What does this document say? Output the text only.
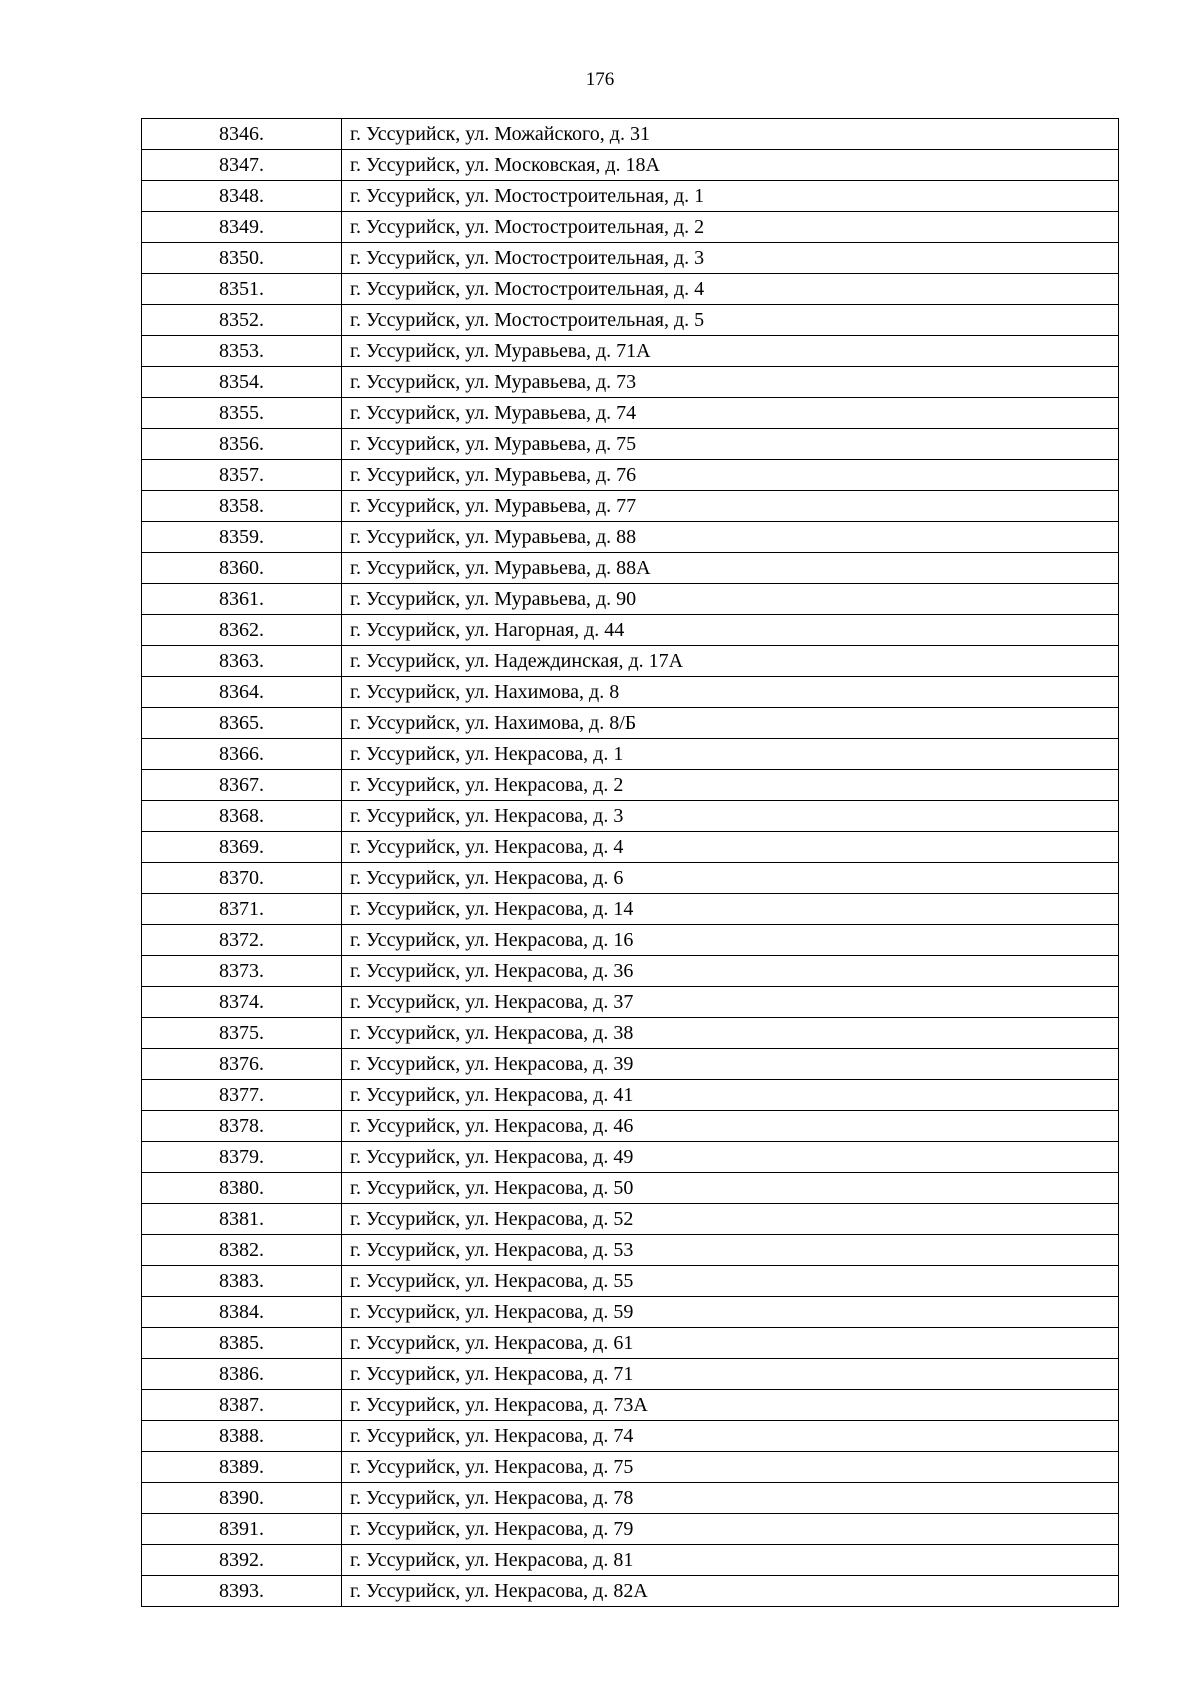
176
8346.	г. Уссурийск, ул. Можайского, д. 31
8347.	г. Уссурийск, ул. Московская, д. 18А
8348.	г. Уссурийск, ул. Мостостроительная, д. 1
8349.	г. Уссурийск, ул. Мостостроительная, д. 2
8350.	г. Уссурийск, ул. Мостостроительная, д. 3
8351.	г. Уссурийск, ул. Мостостроительная, д. 4
8352.	г. Уссурийск, ул. Мостостроительная, д. 5
8353.	г. Уссурийск, ул. Муравьева, д. 71А
8354.	г. Уссурийск, ул. Муравьева, д. 73
8355.	г. Уссурийск, ул. Муравьева, д. 74
8356.	г. Уссурийск, ул. Муравьева, д. 75
8357.	г. Уссурийск, ул. Муравьева, д. 76
8358.	г. Уссурийск, ул. Муравьева, д. 77
8359.	г. Уссурийск, ул. Муравьева, д. 88
8360.	г. Уссурийск, ул. Муравьева, д. 88А
8361.	г. Уссурийск, ул. Муравьева, д. 90
8362.	г. Уссурийск, ул. Нагорная, д. 44
8363.	г. Уссурийск, ул. Надеждинская, д. 17А
8364.	г. Уссурийск, ул. Нахимова, д. 8
8365.	г. Уссурийск, ул. Нахимова, д. 8/Б
8366.	г. Уссурийск, ул. Некрасова, д. 1
8367.	г. Уссурийск, ул. Некрасова, д. 2
8368.	г. Уссурийск, ул. Некрасова, д. 3
8369.	г. Уссурийск, ул. Некрасова, д. 4
8370.	г. Уссурийск, ул. Некрасова, д. 6
8371.	г. Уссурийск, ул. Некрасова, д. 14
8372.	г. Уссурийск, ул. Некрасова, д. 16
8373.	г. Уссурийск, ул. Некрасова, д. 36
8374.	г. Уссурийск, ул. Некрасова, д. 37
8375.	г. Уссурийск, ул. Некрасова, д. 38
8376.	г. Уссурийск, ул. Некрасова, д. 39
8377.	г. Уссурийск, ул. Некрасова, д. 41
8378.	г. Уссурийск, ул. Некрасова, д. 46
8379.	г. Уссурийск, ул. Некрасова, д. 49
8380.	г. Уссурийск, ул. Некрасова, д. 50
8381.	г. Уссурийск, ул. Некрасова, д. 52
8382.	г. Уссурийск, ул. Некрасова, д. 53
8383.	г. Уссурийск, ул. Некрасова, д. 55
8384.	г. Уссурийск, ул. Некрасова, д. 59
8385.	г. Уссурийск, ул. Некрасова, д. 61
8386.	г. Уссурийск, ул. Некрасова, д. 71
8387.	г. Уссурийск, ул. Некрасова, д. 73А
8388.	г. Уссурийск, ул. Некрасова, д. 74
8389.	г. Уссурийск, ул. Некрасова, д. 75
8390.	г. Уссурийск, ул. Некрасова, д. 78
8391.	г. Уссурийск, ул. Некрасова, д. 79
8392.	г. Уссурийск, ул. Некрасова, д. 81
8393.	г. Уссурийск, ул. Некрасова, д. 82А
